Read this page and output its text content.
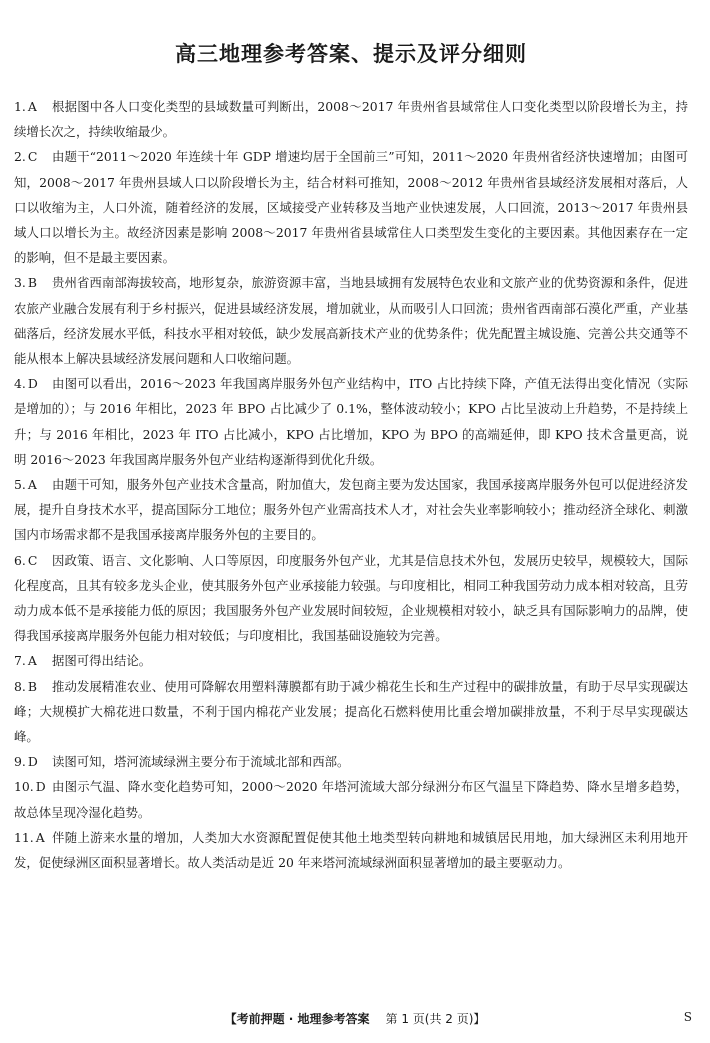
高三地理参考答案、提示及评分细则
1. A	根据图中各人口变化类型的县域数量可判断出，2008～2017 年贵州省县域常住人口变化类型以阶段增长为主，持续增长次之，持续收缩最少。
2. C	由题干“2011～2020 年连续十年 GDP 增速均居于全国前三”可知，2011～2020 年贵州省经济快速增加；由图可知，2008～2017 年贵州县域人口以阶段增长为主，结合材料可推知，2008～2012 年贵州省县域经济发展相对落后，人口以收缩为主，人口外流，随着经济的发展，区域接受产业转移及当地产业快速发展，人口回流，2013～2017 年贵州县域人口以增长为主。故经济因素是影响 2008～2017 年贵州省县域常住人口类型发生变化的主要因素。其他因素存在一定的影响，但不是最主要因素。
3. B	贵州省西南部海拔较高，地形复杂，旅游资源丰富，当地县域拥有发展特色农业和文旅产业的优势资源和条件，促进农旅产业融合发展有利于乡村振兴，促进县域经济发展，增加就业，从而吸引人口回流；贵州省西南部石漠化严重，产业基础落后，经济发展水平低，科技水平相对较低，缺少发展高新技术产业的优势条件；优先配置主城设施、完善公共交通等不能从根本上解决县域经济发展问题和人口收缩问题。
4. D	由图可以看出，2016～2023 年我国离岸服务外包产业结构中，ITO 占比持续下降，产值无法得出变化情况（实际是增加的）；与 2016 年相比，2023 年 BPO 占比减少了 0.1%，整体波动较小；KPO 占比呈波动上升趋势，不是持续上升；与 2016 年相比，2023 年 ITO 占比减小，KPO 占比增加，KPO 为 BPO 的高端延伸，即 KPO 技术含量更高，说明 2016～2023 年我国离岸服务外包产业结构逐渐得到优化升级。
5. A	由题干可知，服务外包产业技术含量高，附加值大，发包商主要为发达国家，我国承接离岸服务外包可以促进经济发展，提升自身技术水平，提高国际分工地位；服务外包产业需高技术人才，对社会失业率影响较小；推动经济全球化、刺激国内市场需求都不是我国承接离岸服务外包的主要目的。
6. C	因政策、语言、文化影响、人口等原因，印度服务外包产业，尤其是信息技术外包，发展历史较早，规模较大，国际化程度高，且其有较多龙头企业，使其服务外包产业承接能力较强。与印度相比，相同工种我国劳动力成本相对较高，且劳动力成本低不是承接能力低的原因；我国服务外包产业发展时间较短，企业规模相对较小，缺乏具有国际影响力的品牌，使得我国承接离岸服务外包能力相对较低；与印度相比，我国基础设施较为完善。
7. A	据图可得出结论。
8. B	推动发展精准农业、使用可降解农用塑料薄膜都有助于减少棉花生长和生产过程中的碳排放量，有助于尽早实现碳达峰；大规模扩大棉花进口数量，不利于国内棉花产业发展；提高化石燃料使用比重会增加碳排放量，不利于尽早实现碳达峰。
9. D	读图可知，塔河流域绿洲主要分布于流域北部和西部。
10. D 由图示气温、降水变化趋势可知，2000～2020 年塔河流域大部分绿洲分布区气温呈下降趋势、降水呈增多趋势，故总体呈现冷湿化趋势。
11. A 伴随上游来水量的增加，人类加大水资源配置促使其他土地类型转向耕地和城镇居民用地，加大绿洲区未利用地开发，促使绿洲区面积显著增长。故人类活动是近 20 年来塔河流域绿洲面积显著增加的最主要驱动力。
【考前押题 · 地理参考答案 第 1 页(共 2 页)】	S
